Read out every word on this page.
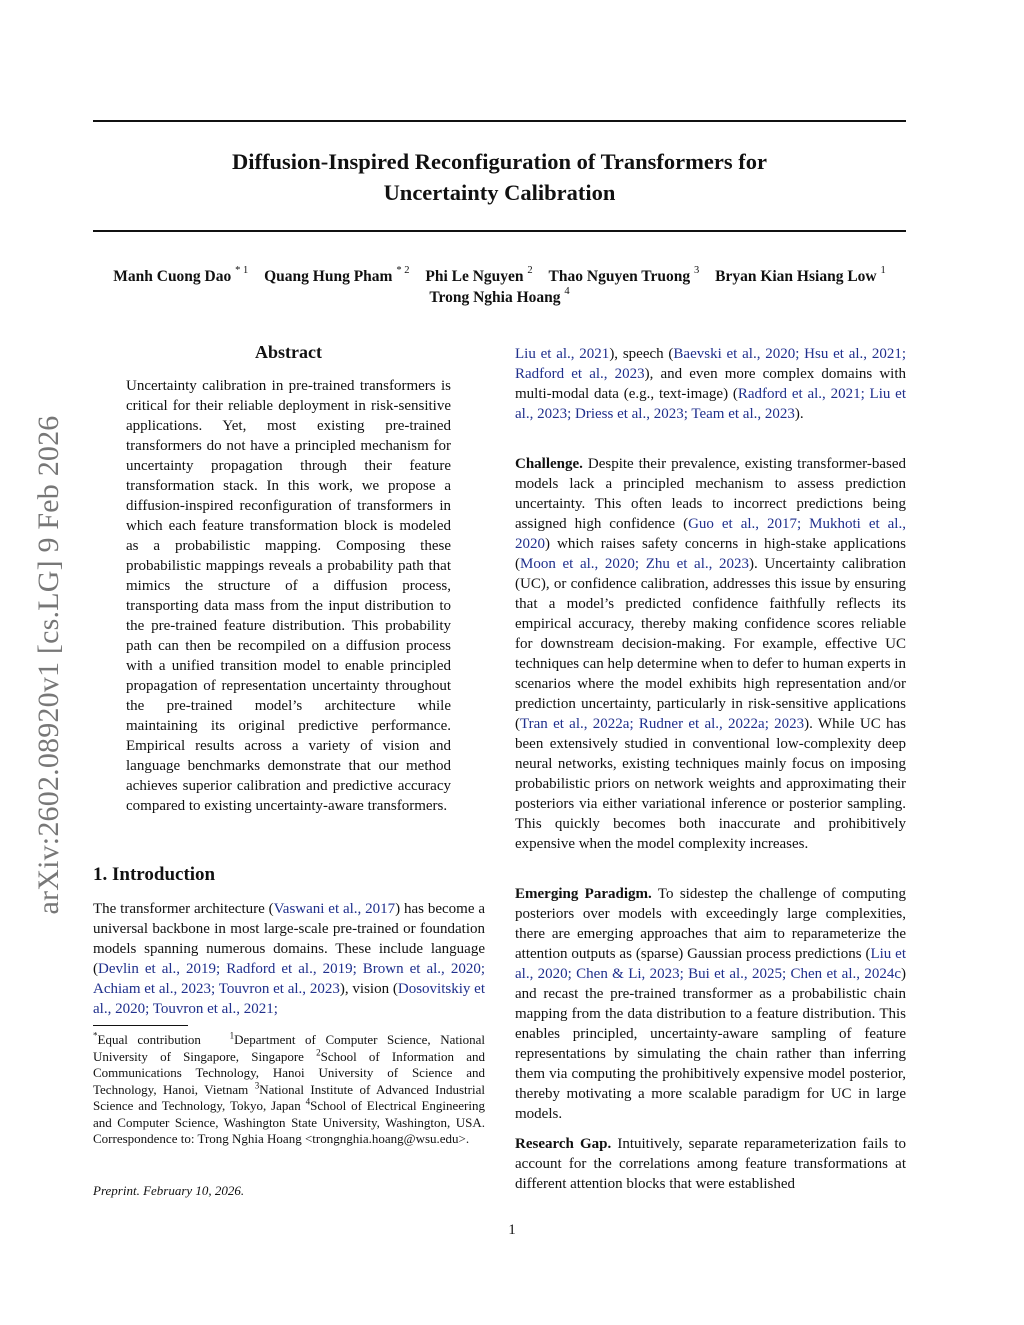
arXiv:2602.08920v1 [cs.LG] 9 Feb 2026
Diffusion-Inspired Reconfiguration of Transformers for
Uncertainty Calibration
Manh Cuong Dao $^{* 1}$ Quang Hung Pham $^{* 2}$ Phi Le Nguyen $^2$ Thao Nguyen Truong $^3$ Bryan Kian Hsiang Low $^1$
Trong Nghia Hoang $^4$
Abstract
Uncertainty calibration in pre-trained transformers is critical for their reliable deployment in risk-sensitive applications. Yet, most existing pre-trained transformers do not have a principled mechanism for uncertainty propagation through their feature transformation stack. In this work, we propose a diffusion-inspired reconfiguration of transformers in which each feature transformation block is modeled as a probabilistic mapping. Composing these probabilistic mappings reveals a probability path that mimics the structure of a diffusion process, transporting data mass from the input distribution to the pre-trained feature distribution. This probability path can then be recompiled on a diffusion process with a unified transition model to enable principled propagation of representation uncertainty throughout the pre-trained model’s architecture while maintaining its original predictive performance. Empirical results across a variety of vision and language benchmarks demonstrate that our method achieves superior calibration and predictive accuracy compared to existing uncertainty-aware transformers.
1. Introduction
The transformer architecture (Vaswani et al., 2017) has become a universal backbone in most large-scale pre-trained or foundation models spanning numerous domains. These include language (Devlin et al., 2019; Radford et al., 2019; Brown et al., 2020; Achiam et al., 2023; Touvron et al., 2023), vision (Dosovitskiy et al., 2020; Touvron et al., 2021;
*Equal contribution	$^1$Department of Computer Science, National University of Singapore, Singapore $^2$School of Information and Communications Technology, Hanoi University of Science and Technology, Hanoi, Vietnam $^3$National Institute of Advanced Industrial Science and Technology, Tokyo, Japan $^4$School of Electrical Engineering and Computer Science, Washington State University, Washington, USA. Correspondence to: Trong Nghia Hoang <trongnghia.hoang@wsu.edu>.
Preprint. February 10, 2026.
Liu et al., 2021), speech (Baevski et al., 2020; Hsu et al., 2021; Radford et al., 2023), and even more complex domains with multi-modal data (e.g., text-image) (Radford et al., 2021; Liu et al., 2023; Driess et al., 2023; Team et al., 2023).
Challenge. Despite their prevalence, existing transformer-based models lack a principled mechanism to assess prediction uncertainty. This often leads to incorrect predictions being assigned high confidence (Guo et al., 2017; Mukhoti et al., 2020) which raises safety concerns in high-stake applications (Moon et al., 2020; Zhu et al., 2023). Uncertainty calibration (UC), or confidence calibration, addresses this issue by ensuring that a model’s predicted confidence faithfully reflects its empirical accuracy, thereby making confidence scores reliable for downstream decision-making. For example, effective UC techniques can help determine when to defer to human experts in scenarios where the model exhibits high representation and/or prediction uncertainty, particularly in risk-sensitive applications (Tran et al., 2022a; Rudner et al., 2022a; 2023). While UC has been extensively studied in conventional low-complexity deep neural networks, existing techniques mainly focus on imposing probabilistic priors on network weights and approximating their posteriors via either variational inference or posterior sampling. This quickly becomes both inaccurate and prohibitively expensive when the model complexity increases.
Emerging Paradigm. To sidestep the challenge of computing posteriors over models with exceedingly large complexities, there are emerging approaches that aim to reparameterize the attention outputs as (sparse) Gaussian process predictions (Liu et al., 2020; Chen & Li, 2023; Bui et al., 2025; Chen et al., 2024c) and recast the pre-trained transformer as a probabilistic chain mapping from the data distribution to a feature distribution. This enables principled, uncertainty-aware sampling of feature representations by simulating the chain rather than inferring them via computing the prohibitively expensive model posterior, thereby motivating a more scalable paradigm for UC in large models.
Research Gap. Intuitively, separate reparameterization fails to account for the correlations among feature transformations at different attention blocks that were established
1
